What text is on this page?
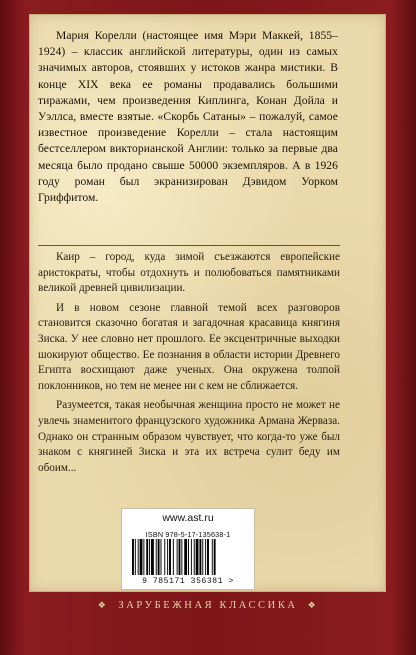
Мария Корелли (настоящее имя Мэри Маккей, 1855–1924) – классик английской литературы, один из самых значимых авторов, стоявших у истоков жанра мистики. В конце XIX века ее романы продавались большими тиражами, чем произведения Киплинга, Конан Дойла и Уэллса, вместе взятые. «Скорбь Сатаны» – пожалуй, самое известное произведение Корелли – стала настоящим бестселлером викторианской Англии: только за первые два месяца было продано свыше 50000 экземпляров. А в 1926 году роман был экранизирован Дэвидом Уорком Гриффитом.

Каир – город, куда зимой съезжаются европейские аристократы, чтобы отдохнуть и полюбоваться памятниками великой древней цивилизации.

И в новом сезоне главной темой всех разговоров становится сказочно богатая и загадочная красавица княгиня Зиска. У нее словно нет прошлого. Ее эксцентричные выходки шокируют общество. Ее познания в области истории Древнего Египта восхищают даже ученых. Она окружена толпой поклонников, но тем не менее ни с кем не сближается.

Разумеется, такая необычная женщина просто не может не увлечь знаменитого французского художника Армана Жерваза. Однако он странным образом чувствует, что когда-то уже был знаком с княгиней Зиска и эта их встреча сулит беду им обоим...

www.ast.ru
ISBN 978-5-17-135638-1
9 785171 356381 >
❖ ЗАРУБЕЖНАЯ КЛАССИКА ❖
